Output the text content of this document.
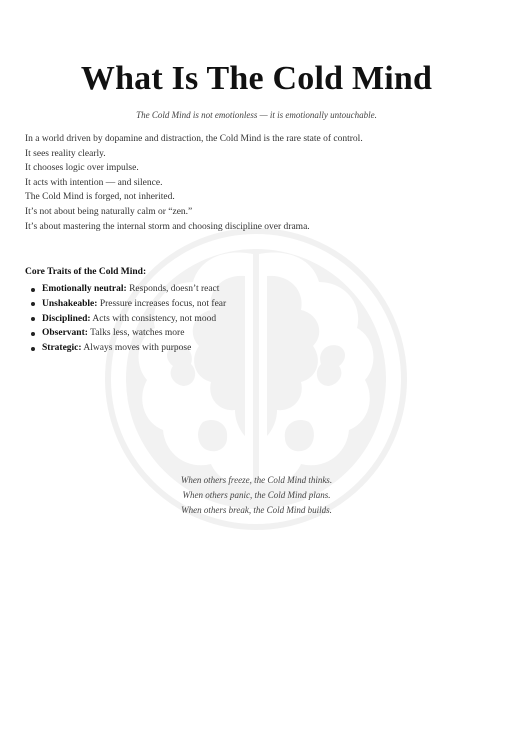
What Is The Cold Mind
The Cold Mind is not emotionless — it is emotionally untouchable.
In a world driven by dopamine and distraction, the Cold Mind is the rare state of control.
It sees reality clearly.
It chooses logic over impulse.
It acts with intention — and silence.
The Cold Mind is forged, not inherited.
It’s not about being naturally calm or “zen.”
It’s about mastering the internal storm and choosing discipline over drama.
Core Traits of the Cold Mind:
Emotionally neutral: Responds, doesn’t react
Unshakeable: Pressure increases focus, not fear
Disciplined: Acts with consistency, not mood
Observant: Talks less, watches more
Strategic: Always moves with purpose
When others freeze, the Cold Mind thinks.
When others panic, the Cold Mind plans.
When others break, the Cold Mind builds.
